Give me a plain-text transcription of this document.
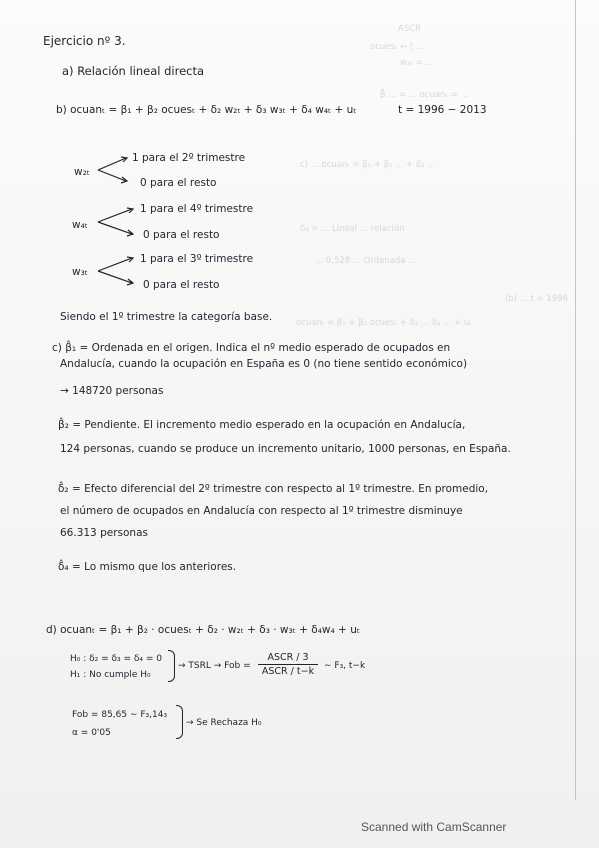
ASCR
ocuesₜ ← [ ...
w₃ₜ = ...
β̂ ... = ... ocuanₜ = ...
c) ... ocuanₜ = β₁ + β₂ ... + δ₃ ...
δ₄ = ... Lineal ... relación
... 0,528 ... Ordenada ...
(b) ... t = 1996
ocuanₜ = β₁ + β₂ ocuesₜ + δ₂ ... δ₃ ... + uₜ
Ejercicio nº 3.
a) Relación lineal directa
b) ocuanₜ = β₁ + β₂ ocuesₜ + δ₂ w₂ₜ + δ₃ w₃ₜ + δ₄ w₄ₜ + uₜ	t = 1996 − 2013
w₂ₜ
1 para el 2º trimestre
0 para el resto
w₄ₜ
1 para el 4º trimestre
0 para el resto
w₃ₜ
1 para el 3º trimestre
0 para el resto
Siendo el 1º trimestre la categoría base.
c) β̂₁ = Ordenada en el origen. Indica el nº medio esperado de ocupados en
Andalucía, cuando la ocupación en España es 0 (no tiene sentido económico)
→ 148720 personas
β̂₂ = Pendiente. El incremento medio esperado en la ocupación en Andalucía,
124 personas, cuando se produce un incremento unitario, 1000 personas, en España.
δ̂₂ = Efecto diferencial del 2º trimestre con respecto al 1º trimestre. En promedio,
el número de ocupados en Andalucía con respecto al 1º trimestre disminuye
66.313 personas
δ̂₄ = Lo mismo que los anteriores.
d) ocuanₜ = β₁ + β₂ · ocuesₜ + δ₂ · w₂ₜ + δ₃ · w₃ₜ + δ₄w₄ + uₜ
H₀ : δ₂ = δ₃ = δ₄ = 0
H₁ : No cumple H₀
→ TSRL → Fob =
ASCR / 3
ASCR / t−k	∼ F₃, t−k
Fob = 85,65 ∼ F₃,14₃
α = 0'05
→ Se Rechaza H₀
Scanned with CamScanner
